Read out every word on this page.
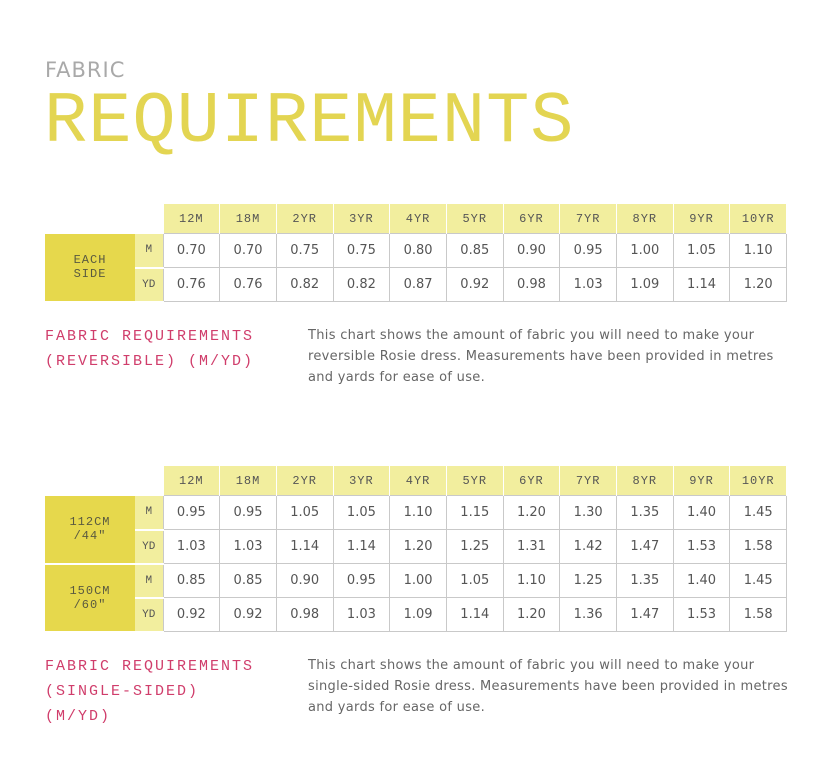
FABRIC
REQUIREMENTS
		12M	18M	2YR	3YR	4YR	5YR	6YR	7YR	8YR	9YR	10YR
EACH
SIDE	M	0.70	0.70	0.75	0.75	0.80	0.85	0.90	0.95	1.00	1.05	1.10
	YD	0.76	0.76	0.82	0.82	0.87	0.92	0.98	1.03	1.09	1.14	1.20
FABRIC REQUIREMENTS
(REVERSIBLE) (M/YD)
This chart shows the amount of fabric you will need to make your reversible Rosie dress. Measurements have been provided in metres and yards for ease of use.
		12M	18M	2YR	3YR	4YR	5YR	6YR	7YR	8YR	9YR	10YR
112CM
/44"	M	0.95	0.95	1.05	1.05	1.10	1.15	1.20	1.30	1.35	1.40	1.45
	YD	1.03	1.03	1.14	1.14	1.20	1.25	1.31	1.42	1.47	1.53	1.58
150CM
/60"	M	0.85	0.85	0.90	0.95	1.00	1.05	1.10	1.25	1.35	1.40	1.45
	YD	0.92	0.92	0.98	1.03	1.09	1.14	1.20	1.36	1.47	1.53	1.58
FABRIC REQUIREMENTS
(SINGLE-SIDED)
(M/YD)
This chart shows the amount of fabric you will need to make your single-sided Rosie dress. Measurements have been provided in metres and yards for ease of use.
